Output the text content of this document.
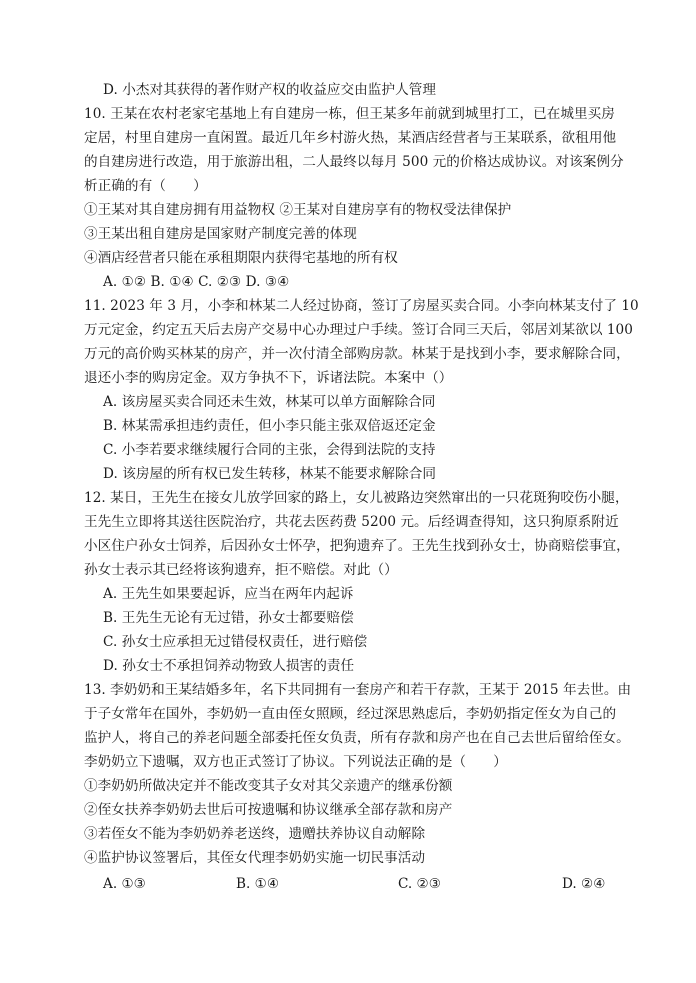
D. 小杰对其获得的著作财产权的收益应交由监护人管理
10. 王某在农村老家宅基地上有自建房一栋，但王某多年前就到城里打工，已在城里买房
定居，村里自建房一直闲置。最近几年乡村游火热，某酒店经营者与王某联系，欲租用他
的自建房进行改造，用于旅游出租，二人最终以每月 500 元的价格达成协议。对该案例分
析正确的有（　　）
①王某对其自建房拥有用益物权 ②王某对自建房享有的物权受法律保护
③王某出租自建房是国家财产制度完善的体现
④酒店经营者只能在承租期限内获得宅基地的所有权
A. ①② B. ①④ C. ②③ D. ③④
11. 2023 年 3 月，小李和林某二人经过协商，签订了房屋买卖合同。小李向林某支付了 10
万元定金，约定五天后去房产交易中心办理过户手续。签订合同三天后，邻居刘某欲以 100
万元的高价购买林某的房产，并一次付清全部购房款。林某于是找到小李，要求解除合同，
退还小李的购房定金。双方争执不下，诉诸法院。本案中（）
A. 该房屋买卖合同还未生效，林某可以单方面解除合同
B. 林某需承担违约责任，但小李只能主张双倍返还定金
C. 小李若要求继续履行合同的主张，会得到法院的支持
D. 该房屋的所有权已发生转移，林某不能要求解除合同
12. 某日，王先生在接女儿放学回家的路上，女儿被路边突然窜出的一只花斑狗咬伤小腿，
王先生立即将其送往医院治疗，共花去医药费 5200 元。后经调查得知，这只狗原系附近
小区住户孙女士饲养，后因孙女士怀孕，把狗遗弃了。王先生找到孙女士，协商赔偿事宜，
孙女士表示其已经将该狗遗弃，拒不赔偿。对此（）
A. 王先生如果要起诉，应当在两年内起诉
B. 王先生无论有无过错，孙女士都要赔偿
C. 孙女士应承担无过错侵权责任，进行赔偿
D. 孙女士不承担饲养动物致人损害的责任
13. 李奶奶和王某结婚多年，名下共同拥有一套房产和若干存款，王某于 2015 年去世。由
于子女常年在国外，李奶奶一直由侄女照顾，经过深思熟虑后，李奶奶指定侄女为自己的
监护人，将自己的养老问题全部委托侄女负责，所有存款和房产也在自己去世后留给侄女。
李奶奶立下遗嘱，双方也正式签订了协议。下列说法正确的是（　　）
①李奶奶所做决定并不能改变其子女对其父亲遗产的继承份额
②侄女扶养李奶奶去世后可按遗嘱和协议继承全部存款和房产
③若侄女不能为李奶奶养老送终，遗赠扶养协议自动解除
④监护协议签署后，其侄女代理李奶奶实施一切民事活动
A. ①③	B. ①④	C. ②③	D. ②④
